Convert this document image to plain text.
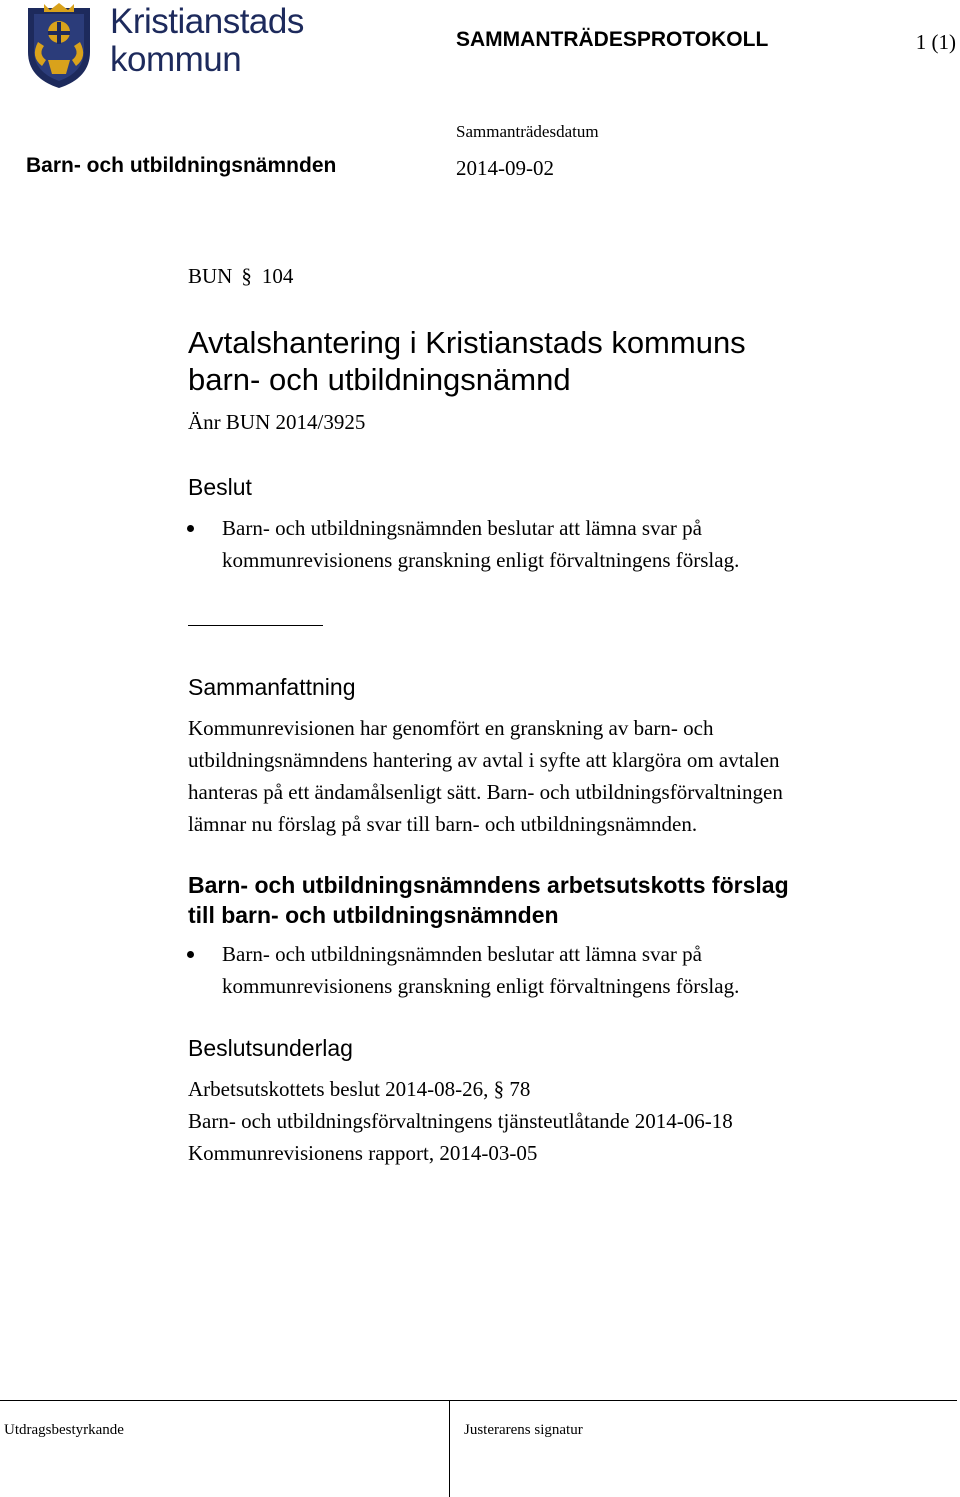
Kristianstads
kommun
SAMMANTRÄDESPROTOKOLL	1 (1)
Sammanträdesdatum
Barn- och utbildningsnämnden	2014-09-02
BUN § 104
Avtalshantering i Kristianstads kommuns
barn- och utbildningsnämnd
Änr BUN 2014/3925
Beslut
Barn- och utbildningsnämnden beslutar att lämna svar på
kommunrevisionens granskning enligt förvaltningens förslag.
Sammanfattning
Kommunrevisionen har genomfört en granskning av barn- och
utbildningsnämndens hantering av avtal i syfte att klargöra om avtalen
hanteras på ett ändamålsenligt sätt. Barn- och utbildningsförvaltningen
lämnar nu förslag på svar till barn- och utbildningsnämnden.
Barn- och utbildningsnämndens arbetsutskotts förslag
till barn- och utbildningsnämnden
Barn- och utbildningsnämnden beslutar att lämna svar på
kommunrevisionens granskning enligt förvaltningens förslag.
Beslutsunderlag
Arbetsutskottets beslut 2014-08-26, § 78
Barn- och utbildningsförvaltningens tjänsteutlåtande 2014-06-18
Kommunrevisionens rapport, 2014-03-05
Utdragsbestyrkande	Justerarens signatur
